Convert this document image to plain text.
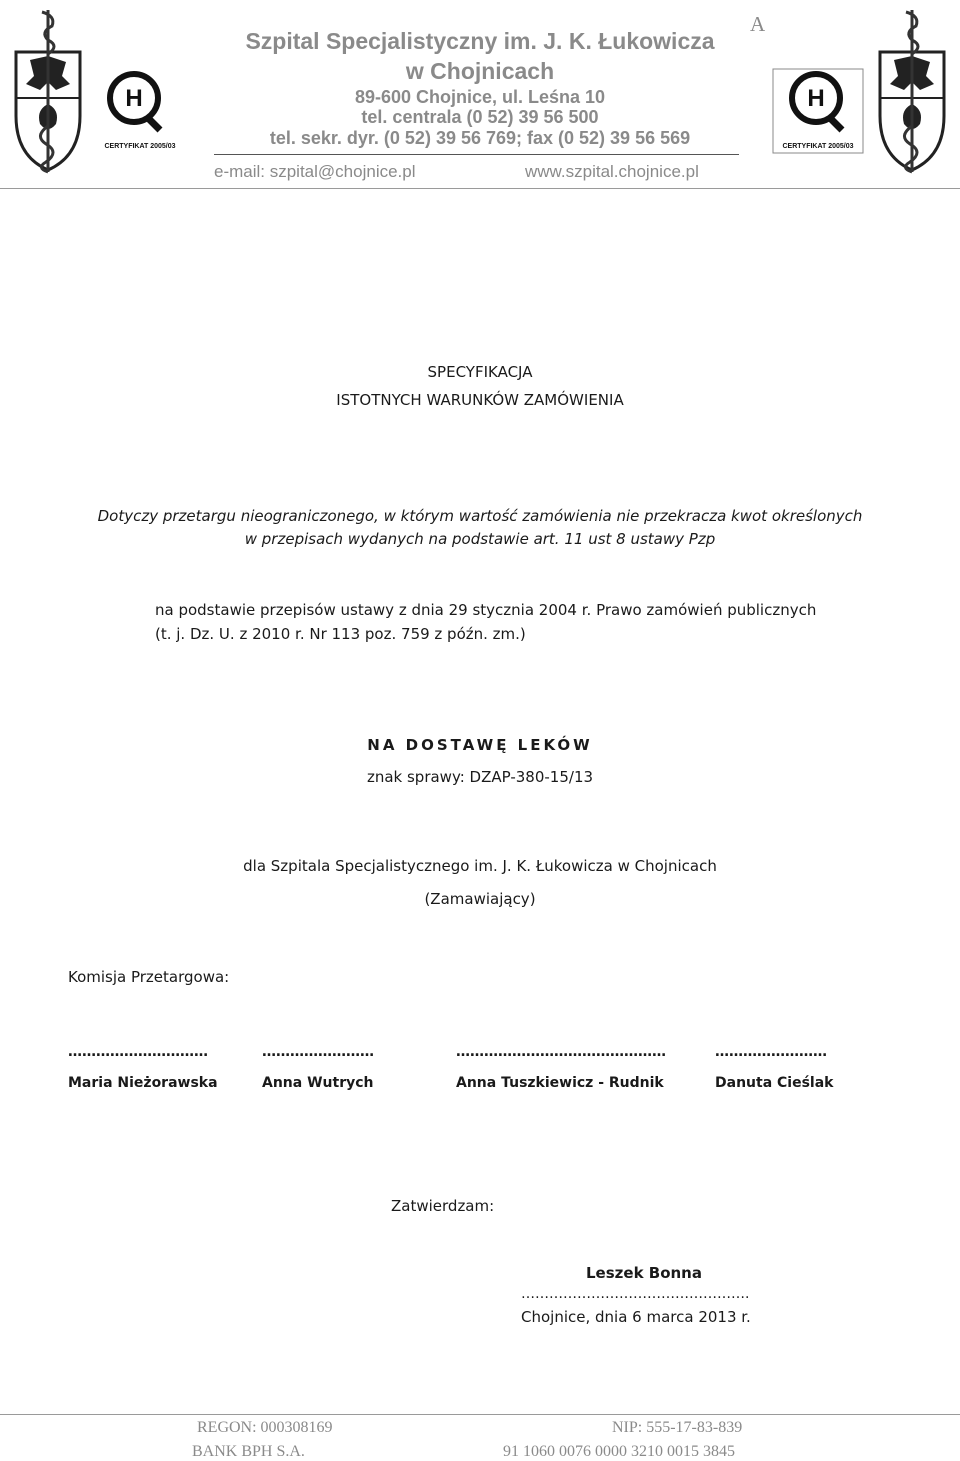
H
CERTYFIKAT 2005/03
H
CERTYFIKAT 2005/03
Szpital Specjalistyczny im. J. K. Łukowicza
A
w Chojnicach
89-600 Chojnice, ul. Leśna 10
tel. centrala (0 52) 39 56 500
tel. sekr. dyr. (0 52) 39 56 769; fax (0 52) 39 56 569
e-mail: szpital@chojnice.pl	www.szpital.chojnice.pl
SPECYFIKACJA
ISTOTNYCH WARUNKÓW ZAMÓWIENIA
Dotyczy przetargu nieograniczonego, w którym wartość zamówienia nie przekracza kwot określonych
w przepisach wydanych na podstawie art. 11 ust 8 ustawy Pzp
na podstawie przepisów ustawy z dnia 29 stycznia 2004 r. Prawo zamówień publicznych
(t. j. Dz. U. z 2010 r. Nr 113 poz. 759 z późn. zm.)
NA DOSTAWĘ LEKÓW
znak sprawy: DZAP-380-15/13
dla Szpitala Specjalistycznego im. J. K. Łukowicza w Chojnicach
(Zamawiający)
Komisja Przetargowa:
…………………………
Maria Nieżorawska
……………………
Anna Wutrych
………………………………………
Anna Tuszkiewicz - Rudnik
……………………
Danuta Cieślak
Zatwierdzam:
Leszek Bonna
………………………………………….
Chojnice, dnia 6 marca 2013 r.
REGON: 000308169	NIP: 555-17-83-839
BANK BPH S.A.	91 1060 0076 0000 3210 0015 3845
